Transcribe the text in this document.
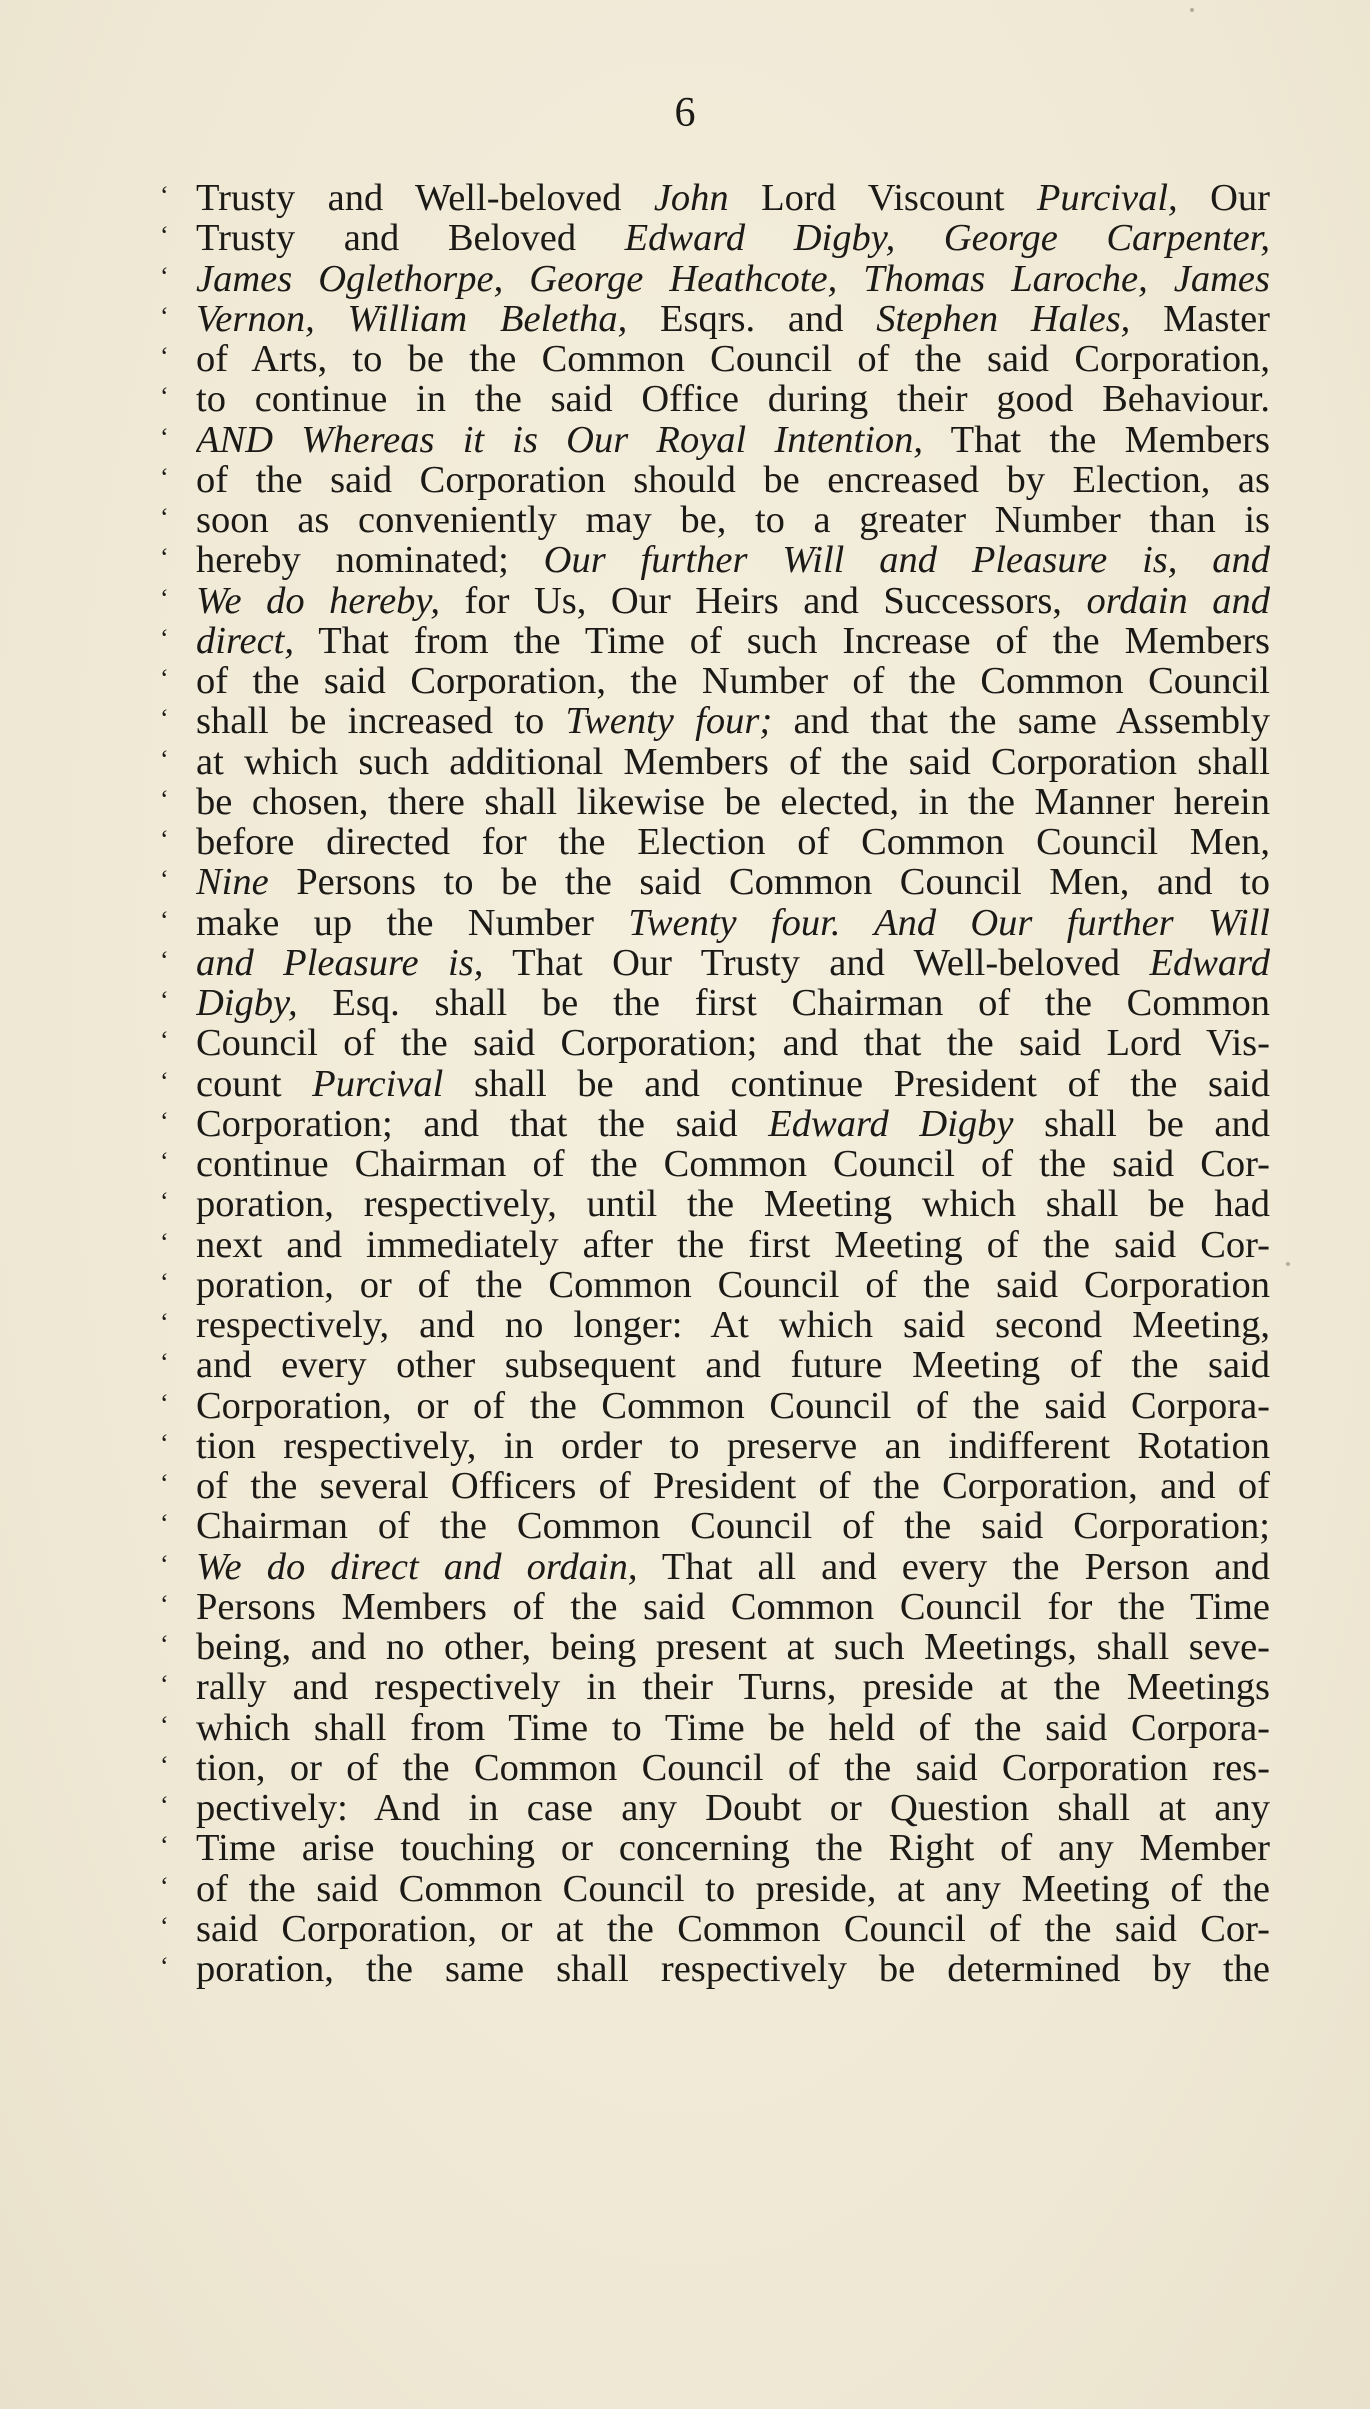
6
‘ Trusty and Well-beloved John Lord Viscount Purcival, Our
‘ Trusty and Beloved Edward Digby, George Carpenter,
‘ James Oglethorpe, George Heathcote, Thomas Laroche, James
‘ Vernon, William Beletha, Esqrs. and Stephen Hales, Master
‘ of Arts, to be the Common Council of the said Corporation,
‘ to continue in the said Office during their good Behaviour.
‘ AND Whereas it is Our Royal Intention, That the Members
‘ of the said Corporation should be encreased by Election, as
‘ soon as conveniently may be, to a greater Number than is
‘ hereby nominated; Our further Will and Pleasure is, and
‘ We do hereby, for Us, Our Heirs and Successors, ordain and
‘ direct, That from the Time of such Increase of the Members
‘ of the said Corporation, the Number of the Common Council
‘ shall be increased to Twenty four; and that the same Assembly
‘ at which such additional Members of the said Corporation shall
‘ be chosen, there shall likewise be elected, in the Manner herein
‘ before directed for the Election of Common Council Men,
‘ Nine Persons to be the said Common Council Men, and to
‘ make up the Number Twenty four. And Our further Will
‘ and Pleasure is, That Our Trusty and Well-beloved Edward
‘ Digby, Esq. shall be the first Chairman of the Common
‘ Council of the said Corporation; and that the said Lord Vis-
‘ count Purcival shall be and continue President of the said
‘ Corporation; and that the said Edward Digby shall be and
‘ continue Chairman of the Common Council of the said Cor-
‘ poration, respectively, until the Meeting which shall be had
‘ next and immediately after the first Meeting of the said Cor-
‘ poration, or of the Common Council of the said Corporation
‘ respectively, and no longer: At which said second Meeting,
‘ and every other subsequent and future Meeting of the said
‘ Corporation, or of the Common Council of the said Corpora-
‘ tion respectively, in order to preserve an indifferent Rotation
‘ of the several Officers of President of the Corporation, and of
‘ Chairman of the Common Council of the said Corporation;
‘ We do direct and ordain, That all and every the Person and
‘ Persons Members of the said Common Council for the Time
‘ being, and no other, being present at such Meetings, shall seve-
‘ rally and respectively in their Turns, preside at the Meetings
‘ which shall from Time to Time be held of the said Corpora-
‘ tion, or of the Common Council of the said Corporation res-
‘ pectively: And in case any Doubt or Question shall at any
‘ Time arise touching or concerning the Right of any Member
‘ of the said Common Council to preside, at any Meeting of the
‘ said Corporation, or at the Common Council of the said Cor-
‘ poration, the same shall respectively be determined by the
